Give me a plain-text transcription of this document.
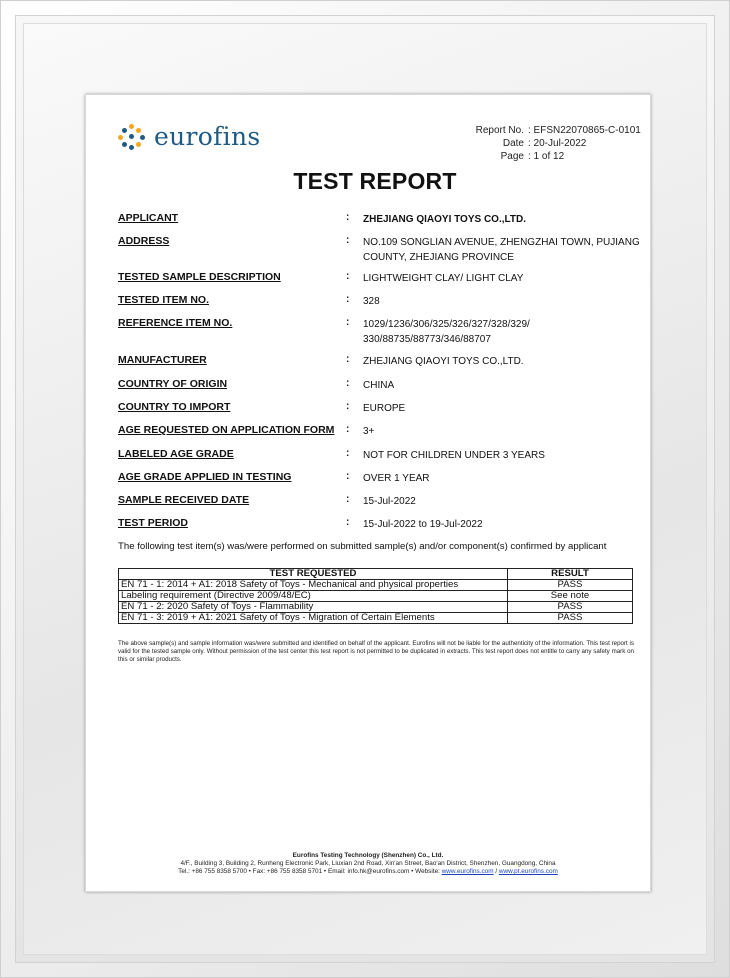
eurofins	Report No. : EFSN22070865-C-0101
Date : 20-Jul-2022
Page : 1 of 12
TEST REPORT
APPLICANT	: ZHEJIANG QIAOYI TOYS CO.,LTD.
ADDRESS	: NO.109 SONGLIAN AVENUE, ZHENGZHAI TOWN, PUJIANG COUNTY, ZHEJIANG PROVINCE
TESTED SAMPLE DESCRIPTION	: LIGHTWEIGHT CLAY/ LIGHT CLAY
TESTED ITEM NO.	: 328
REFERENCE ITEM NO.	: 1029/1236/306/325/326/327/328/329/ 330/88735/88773/346/88707
MANUFACTURER	: ZHEJIANG QIAOYI TOYS CO.,LTD.
COUNTRY OF ORIGIN	: CHINA
COUNTRY TO IMPORT	: EUROPE
AGE REQUESTED ON APPLICATION FORM : 3+
LABELED AGE GRADE	: NOT FOR CHILDREN UNDER 3 YEARS
AGE GRADE APPLIED IN TESTING	: OVER 1 YEAR
SAMPLE RECEIVED DATE	: 15-Jul-2022
TEST PERIOD	: 15-Jul-2022 to 19-Jul-2022
The following test item(s) was/were performed on submitted sample(s) and/or component(s) confirmed by applicant
TEST REQUESTED	RESULT
EN 71 - 1: 2014 + A1: 2018 Safety of Toys - Mechanical and physical properties	PASS
Labeling requirement (Directive 2009/48/EC)	See note
EN 71 - 2: 2020 Safety of Toys - Flammability	PASS
EN 71 - 3: 2019 + A1: 2021 Safety of Toys - Migration of Certain Elements	PASS
The above sample(s) and sample information was/were submitted and identified on behalf of the applicant. Eurofins will not be liable for the authenticity of the information. This test report is valid for the tested sample only. Without permission of the test center this test report is not permitted to be duplicated in extracts. This test report does not entitle to carry any safety mark on this or similar products.
Eurofins Testing Technology (Shenzhen) Co., Ltd.
4/F., Building 3, Building 2, Runheng Electronic Park, Liuxian 2nd Road, Xin'an Street, Bao'an District, Shenzhen, Guangdong, China
Tel.: +86 755 8358 5700 • Fax: +86 755 8358 5701 • Email: info.hk@eurofins.com • Website: www.eurofins.com / www.pt.eurofins.com
